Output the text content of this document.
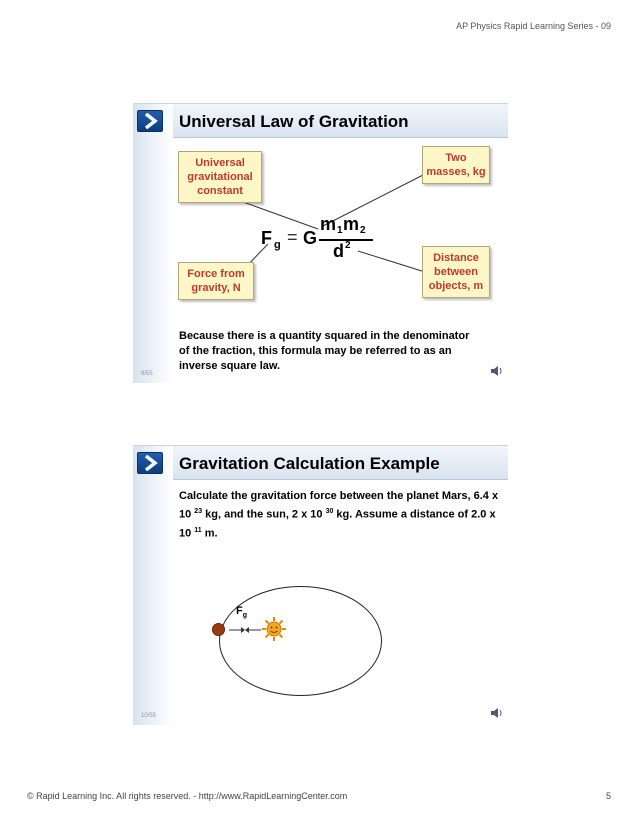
AP Physics Rapid Learning Series - 09
9/55
Universal Law of Gravitation
Universal gravitational constant
Two masses, kg
Force from gravity, N
Distance between objects, m
F g = G
m 1 m 2
d 2
Because there is a quantity squared in the denominator of the fraction, this formula may be referred to as an inverse square law.
10/55
Gravitation Calculation Example
Calculate the gravitation force between the planet Mars, 6.4 x 10 $^{23}$ kg, and the sun, 2 x 10 $^{30}$ kg. Assume a distance of 2.0 x 10 $^{11}$ m.
$F_g$
© Rapid Learning Inc. All rights reserved. - http://www.RapidLearningCenter.com	5
